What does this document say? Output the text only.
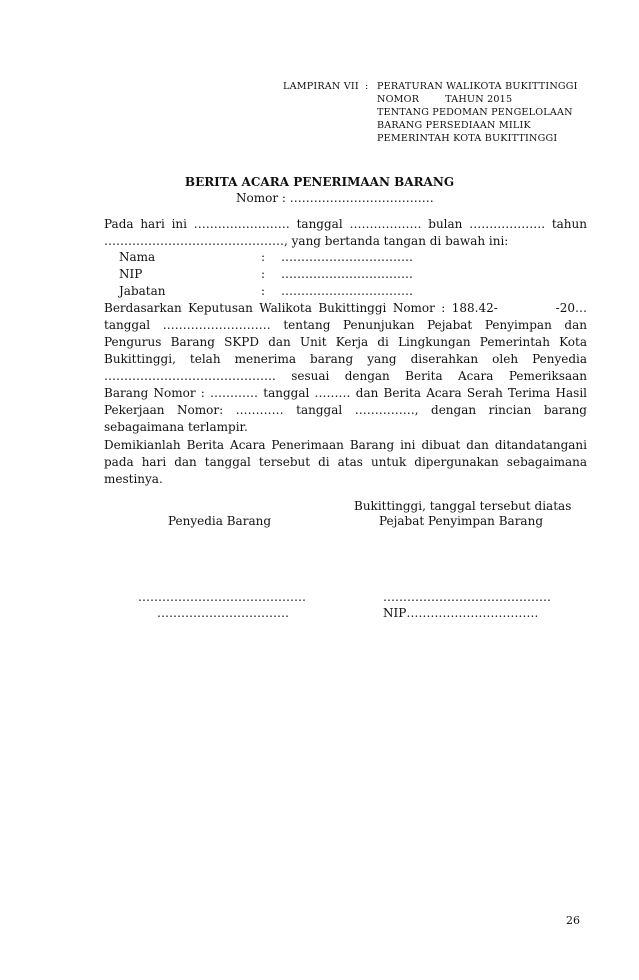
LAMPIRAN VII : PERATURAN WALIKOTA BUKITTINGGI
NOMOR        TAHUN 2015
TENTANG PEDOMAN PENGELOLAAN
BARANG PERSEDIAAN MILIK
PEMERINTAH KOTA BUKITTINGGI
BERITA ACARA PENERIMAAN BARANG
Nomor : ………………………………
Pada hari ini …………………… tanggal ……………… bulan ………………. tahun
………………………………………, yang bertanda tangan di bawah ini:
Nama	: ……………………………
NIP	: ……………………………
Jabatan	: ……………………………
Berdasarkan Keputusan Walikota Bukittinggi Nomor : 188.42-         -20…
tanggal ……………………… tentang Penunjukan Pejabat Penyimpan dan
Pengurus Barang SKPD dan Unit Kerja di Lingkungan Pemerintah Kota
Bukittinggi, telah menerima barang yang diserahkan oleh Penyedia
……………………………………. sesuai dengan Berita Acara Pemeriksaan
Barang Nomor : ………… tanggal ……… dan Berita Acara Serah Terima Hasil
Pekerjaan Nomor: ………… tanggal ……………, dengan rincian barang
sebagaimana terlampir.
Demikianlah Berita Acara Penerimaan Barang ini dibuat dan ditandatangani
pada hari dan tanggal tersebut di atas untuk dipergunakan sebagaimana
mestinya.
Bukittinggi, tanggal tersebut diatas
Penyedia Barang	Pejabat Penyimpan Barang
……………………………………
……………………………
……………………………………
NIP……………………………
26
